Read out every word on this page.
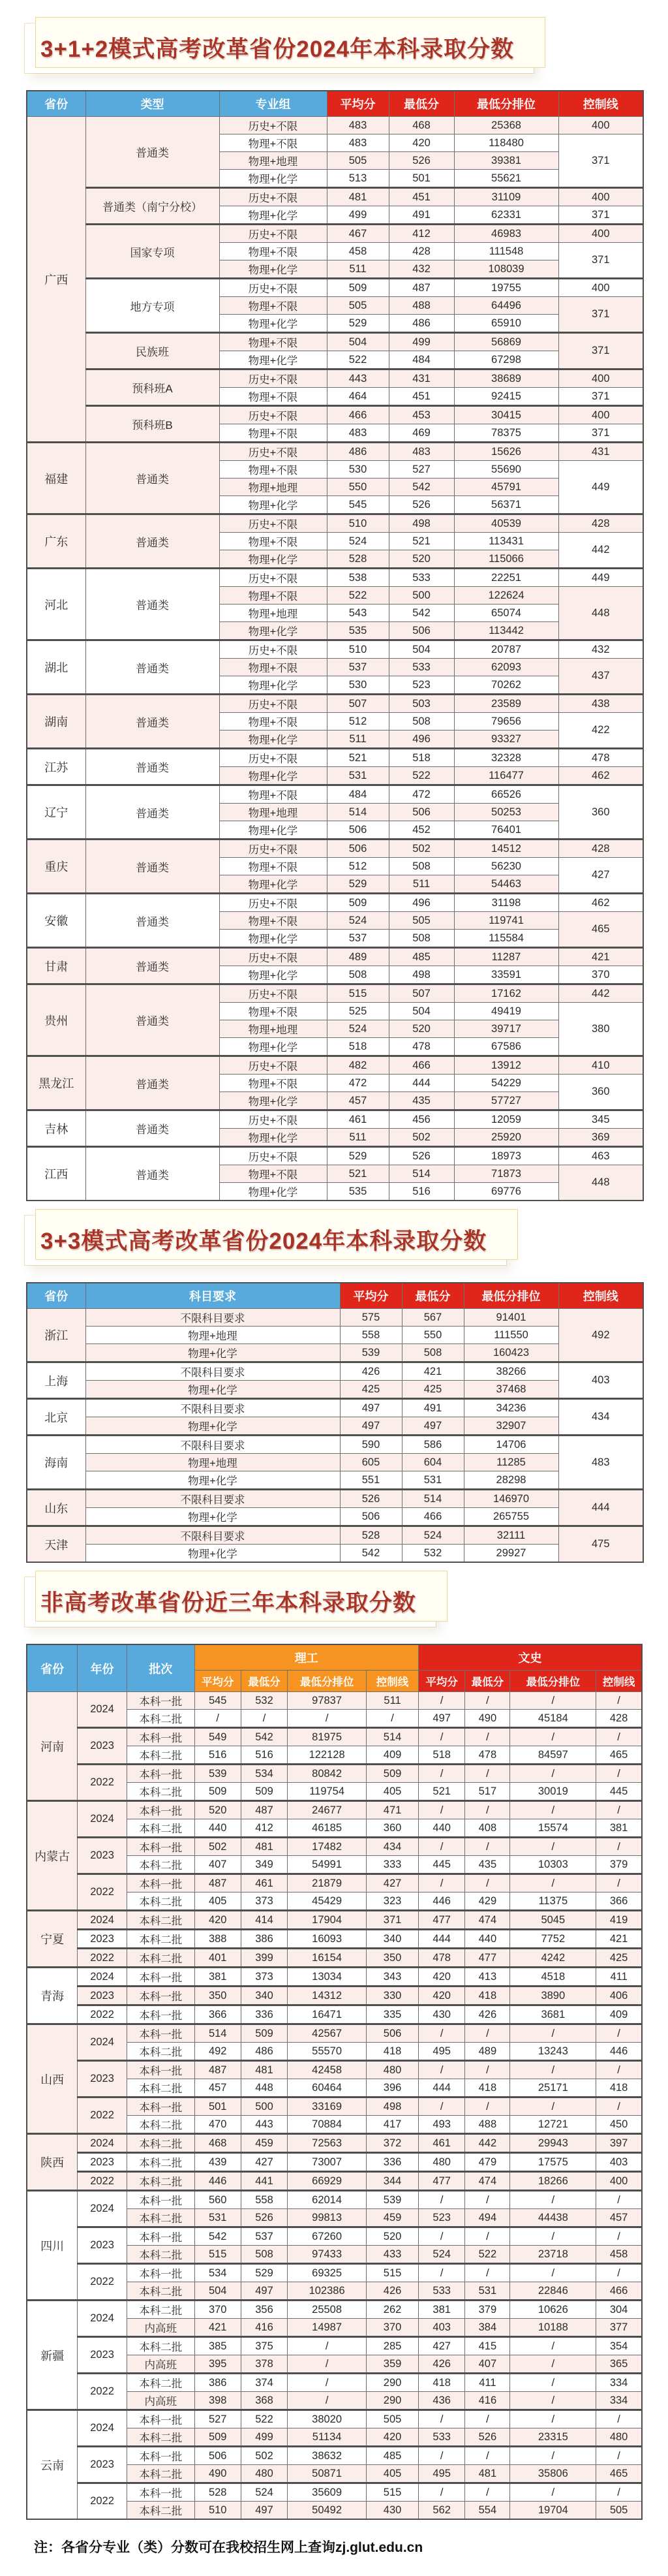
3+1+2模式高考改革省份2024年本科录取分数
省份	类型	专业组	平均分	最低分	最低分排位	控制线
广西	普通类	历史+不限	483	468	25368	400
		物理+不限	483	420	118480	371
		物理+地理	505	526	39381	
		物理+化学	513	501	55621	
	普通类（南宁分校）	历史+不限	481	451	31109	400
		物理+化学	499	491	62331	371
	国家专项	历史+不限	467	412	46983	400
		物理+不限	458	428	111548	371
		物理+化学	511	432	108039	
	地方专项	历史+不限	509	487	19755	400
		物理+不限	505	488	64496	371
		物理+化学	529	486	65910	
	民族班	物理+不限	504	499	56869	371
		物理+化学	522	484	67298	
	预科班A	历史+不限	443	431	38689	400
		物理+不限	464	451	92415	371
	预科班B	历史+不限	466	453	30415	400
		物理+不限	483	469	78375	371
福建	普通类	历史+不限	486	483	15626	431
		物理+不限	530	527	55690	449
		物理+地理	550	542	45791	
		物理+化学	545	526	56371	
广东	普通类	历史+不限	510	498	40539	428
		物理+不限	524	521	113431	442
		物理+化学	528	520	115066	
河北	普通类	历史+不限	538	533	22251	449
		物理+不限	522	500	122624	448
		物理+地理	543	542	65074	
		物理+化学	535	506	113442	
湖北	普通类	历史+不限	510	504	20787	432
		物理+不限	537	533	62093	437
		物理+化学	530	523	70262	
湖南	普通类	历史+不限	507	503	23589	438
		物理+不限	512	508	79656	422
		物理+化学	511	496	93327	
江苏	普通类	历史+不限	521	518	32328	478
		物理+化学	531	522	116477	462
辽宁	普通类	物理+不限	484	472	66526	360
		物理+地理	514	506	50253	
		物理+化学	506	452	76401	
重庆	普通类	历史+不限	506	502	14512	428
		物理+不限	512	508	56230	427
		物理+化学	529	511	54463	
安徽	普通类	历史+不限	509	496	31198	462
		物理+不限	524	505	119741	465
		物理+化学	537	508	115584	
甘肃	普通类	历史+不限	489	485	11287	421
		物理+化学	508	498	33591	370
贵州	普通类	历史+不限	515	507	17162	442
		物理+不限	525	504	49419	380
		物理+地理	524	520	39717	
		物理+化学	518	478	67586	
黑龙江	普通类	历史+不限	482	466	13912	410
		物理+不限	472	444	54229	360
		物理+化学	457	435	57727	
吉林	普通类	历史+不限	461	456	12059	345
		物理+化学	511	502	25920	369
江西	普通类	历史+不限	529	526	18973	463
		物理+不限	521	514	71873	448
		物理+化学	535	516	69776	
3+3模式高考改革省份2024年本科录取分数
省份	科目要求	平均分	最低分	最低分排位	控制线
浙江	不限科目要求	575	567	91401	492
	物理+地理	558	550	111550	
	物理+化学	539	508	160423	
上海	不限科目要求	426	421	38266	403
	物理+化学	425	425	37468	
北京	不限科目要求	497	491	34236	434
	物理+化学	497	497	32907	
海南	不限科目要求	590	586	14706	483
	物理+地理	605	604	11285	
	物理+化学	551	531	28298	
山东	不限科目要求	526	514	146970	444
	物理+化学	506	466	265755	
天津	不限科目要求	528	524	32111	475
	物理+化学	542	532	29927	
非高考改革省份近三年本科录取分数
省份	年份	批次	理工				文史			
			平均分	最低分	最低分排位	控制线	平均分	最低分	最低分排位	控制线
河南	2024	本科一批	545	532	97837	511	/	/	/	/
		本科二批	/	/	/	/	497	490	45184	428
	2023	本科一批	549	542	81975	514	/	/	/	/
		本科二批	516	516	122128	409	518	478	84597	465
	2022	本科一批	539	534	80842	509	/	/	/	/
		本科二批	509	509	119754	405	521	517	30019	445
内蒙古	2024	本科一批	520	487	24677	471	/	/	/	/
		本科二批	440	412	46185	360	440	408	15574	381
	2023	本科一批	502	481	17482	434	/	/	/	/
		本科二批	407	349	54991	333	445	435	10303	379
	2022	本科一批	487	461	21879	427	/	/	/	/
		本科二批	405	373	45429	323	446	429	11375	366
宁夏	2024	本科二批	420	414	17904	371	477	474	5045	419
	2023	本科二批	388	386	16093	340	444	440	7752	421
	2022	本科二批	401	399	16154	350	478	477	4242	425
青海	2024	本科一批	381	373	13034	343	420	413	4518	411
	2023	本科一批	350	340	14312	330	420	418	3890	406
	2022	本科一批	366	336	16471	335	430	426	3681	409
山西	2024	本科一批	514	509	42567	506	/	/	/	/
		本科二批	492	486	55570	418	495	489	13243	446
	2023	本科一批	487	481	42458	480	/	/	/	/
		本科二批	457	448	60464	396	444	418	25171	418
	2022	本科一批	501	500	33169	498	/	/	/	/
		本科二批	470	443	70884	417	493	488	12721	450
陕西	2024	本科二批	468	459	72563	372	461	442	29943	397
	2023	本科二批	439	427	73007	336	480	479	17575	403
	2022	本科二批	446	441	66929	344	477	474	18266	400
四川	2024	本科一批	560	558	62014	539	/	/	/	/
		本科二批	531	526	99813	459	523	494	44438	457
	2023	本科一批	542	537	67260	520	/	/	/	/
		本科二批	515	508	97433	433	524	522	23718	458
	2022	本科一批	534	529	69325	515	/	/	/	/
		本科二批	504	497	102386	426	533	531	22846	466
新疆	2024	本科二批	370	356	25508	262	381	379	10626	304
		内高班	421	416	14987	370	403	384	10188	377
	2023	本科二批	385	375	/	285	427	415	/	354
		内高班	395	378	/	359	426	407	/	365
	2022	本科二批	386	374	/	290	418	411	/	334
		内高班	398	368	/	290	436	416	/	334
云南	2024	本科一批	527	522	38020	505	/	/	/	/
		本科二批	509	499	51134	420	533	526	23315	480
	2023	本科一批	506	502	38632	485	/	/	/	/
		本科二批	490	480	50871	405	495	481	35806	465
	2022	本科一批	528	524	35609	515	/	/	/	/
		本科二批	510	497	50492	430	562	554	19704	505
注：各省分专业（类）分数可在我校招生网上查询zj.glut.edu.cn
